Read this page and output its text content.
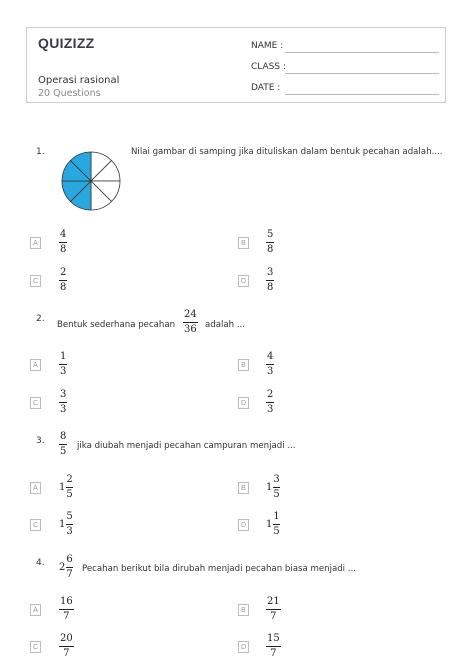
QUIZIZZ
Operasi rasional
20 Questions
NAME :
CLASS :
DATE :
1.	Nilai gambar di samping jika dituliskan dalam bentuk pecahan adalah....
A
4
8
B
5
8
C
2
8
D
3
8
2.
Bentuk sederhana pecahan
24
36 adalah ...
A
1
3
B
4
3
C
3
3
D
2
3
3. 8
5 jika diubah menjadi pecahan campuran menjadi ...
A	$1 \frac{2}{5}$	B	$1 \frac{3}{5}$
C $1 \frac{5}{3}$	D $1 \frac{1}{5}$
4. $2 \frac{6}{7}$ Pecahan berikut bila dirubah menjadi pecahan biasa menjadi ...
A
16
7
B
21
7
C
20
7
D
15
7
